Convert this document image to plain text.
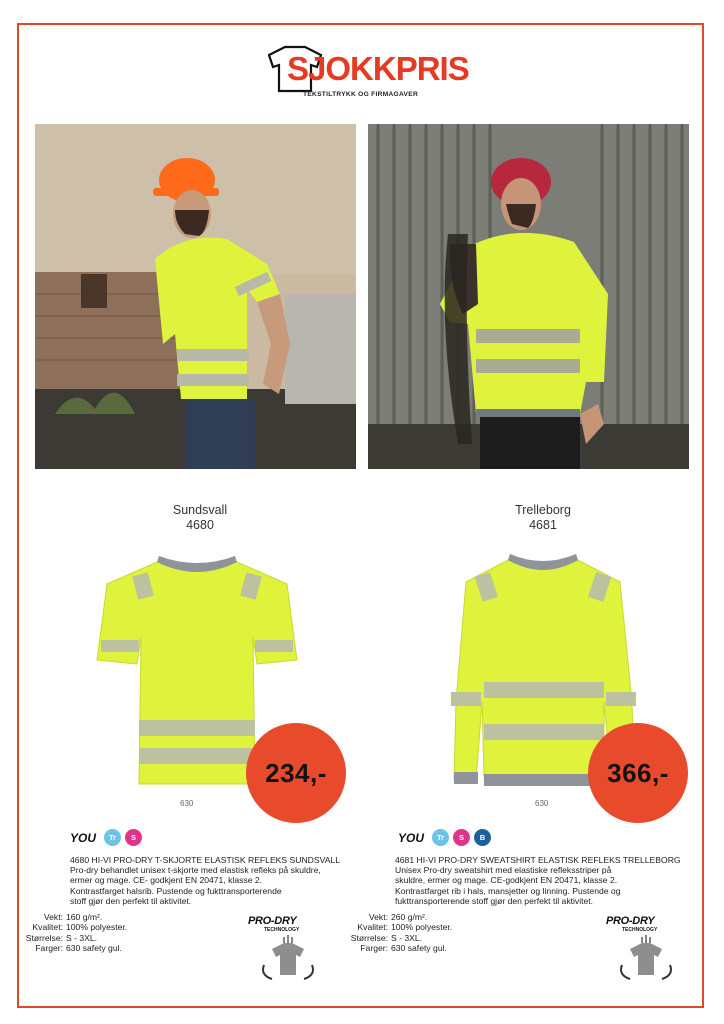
SJOKKPRIS
TEKSTILTRYKK OG FIRMAGAVER
Sundsvall
4680
234,-
630
Trelleborg
4681
366,-
630
YOU	Tr	S	YOU	Tr	S	B
4680 HI-VI PRO-DRY T-SKJORTE ELASTISK REFLEKS SUNDSVALL
Pro-dry behandlet unisex t-skjorte med elastisk refleks på skuldre,
ermer og mage. CE- godkjent EN 20471, klasse 2.
Kontrastfarget halsrib. Pustende og fukttransporterende
stoff gjør den perfekt til aktivitet.
4681 HI-VI PRO-DRY SWEATSHIRT ELASTISK REFLEKS TRELLEBORG
Unisex Pro-dry sweatshirt med elastiske refleksstriper på
skuldre, ermer og mage. CE-godkjent EN 20471, klasse 2.
Kontrastfarget rib i hals, mansjetter og linning. Pustende og
fukttransporterende stoff gjør den perfekt til aktivitet.
Vekt: 160 g/m².
Kvalitet: 100% polyester.
Størrelse: S - 3XL.
Farger: 630 safety gul.
Vekt: 260 g/m².
Kvalitet: 100% polyester.
Størrelse: S - 3XL.
Farger: 630 safety gul.
PRO-DRY
TECHNOLOGY
PRO-DRY
TECHNOLOGY
